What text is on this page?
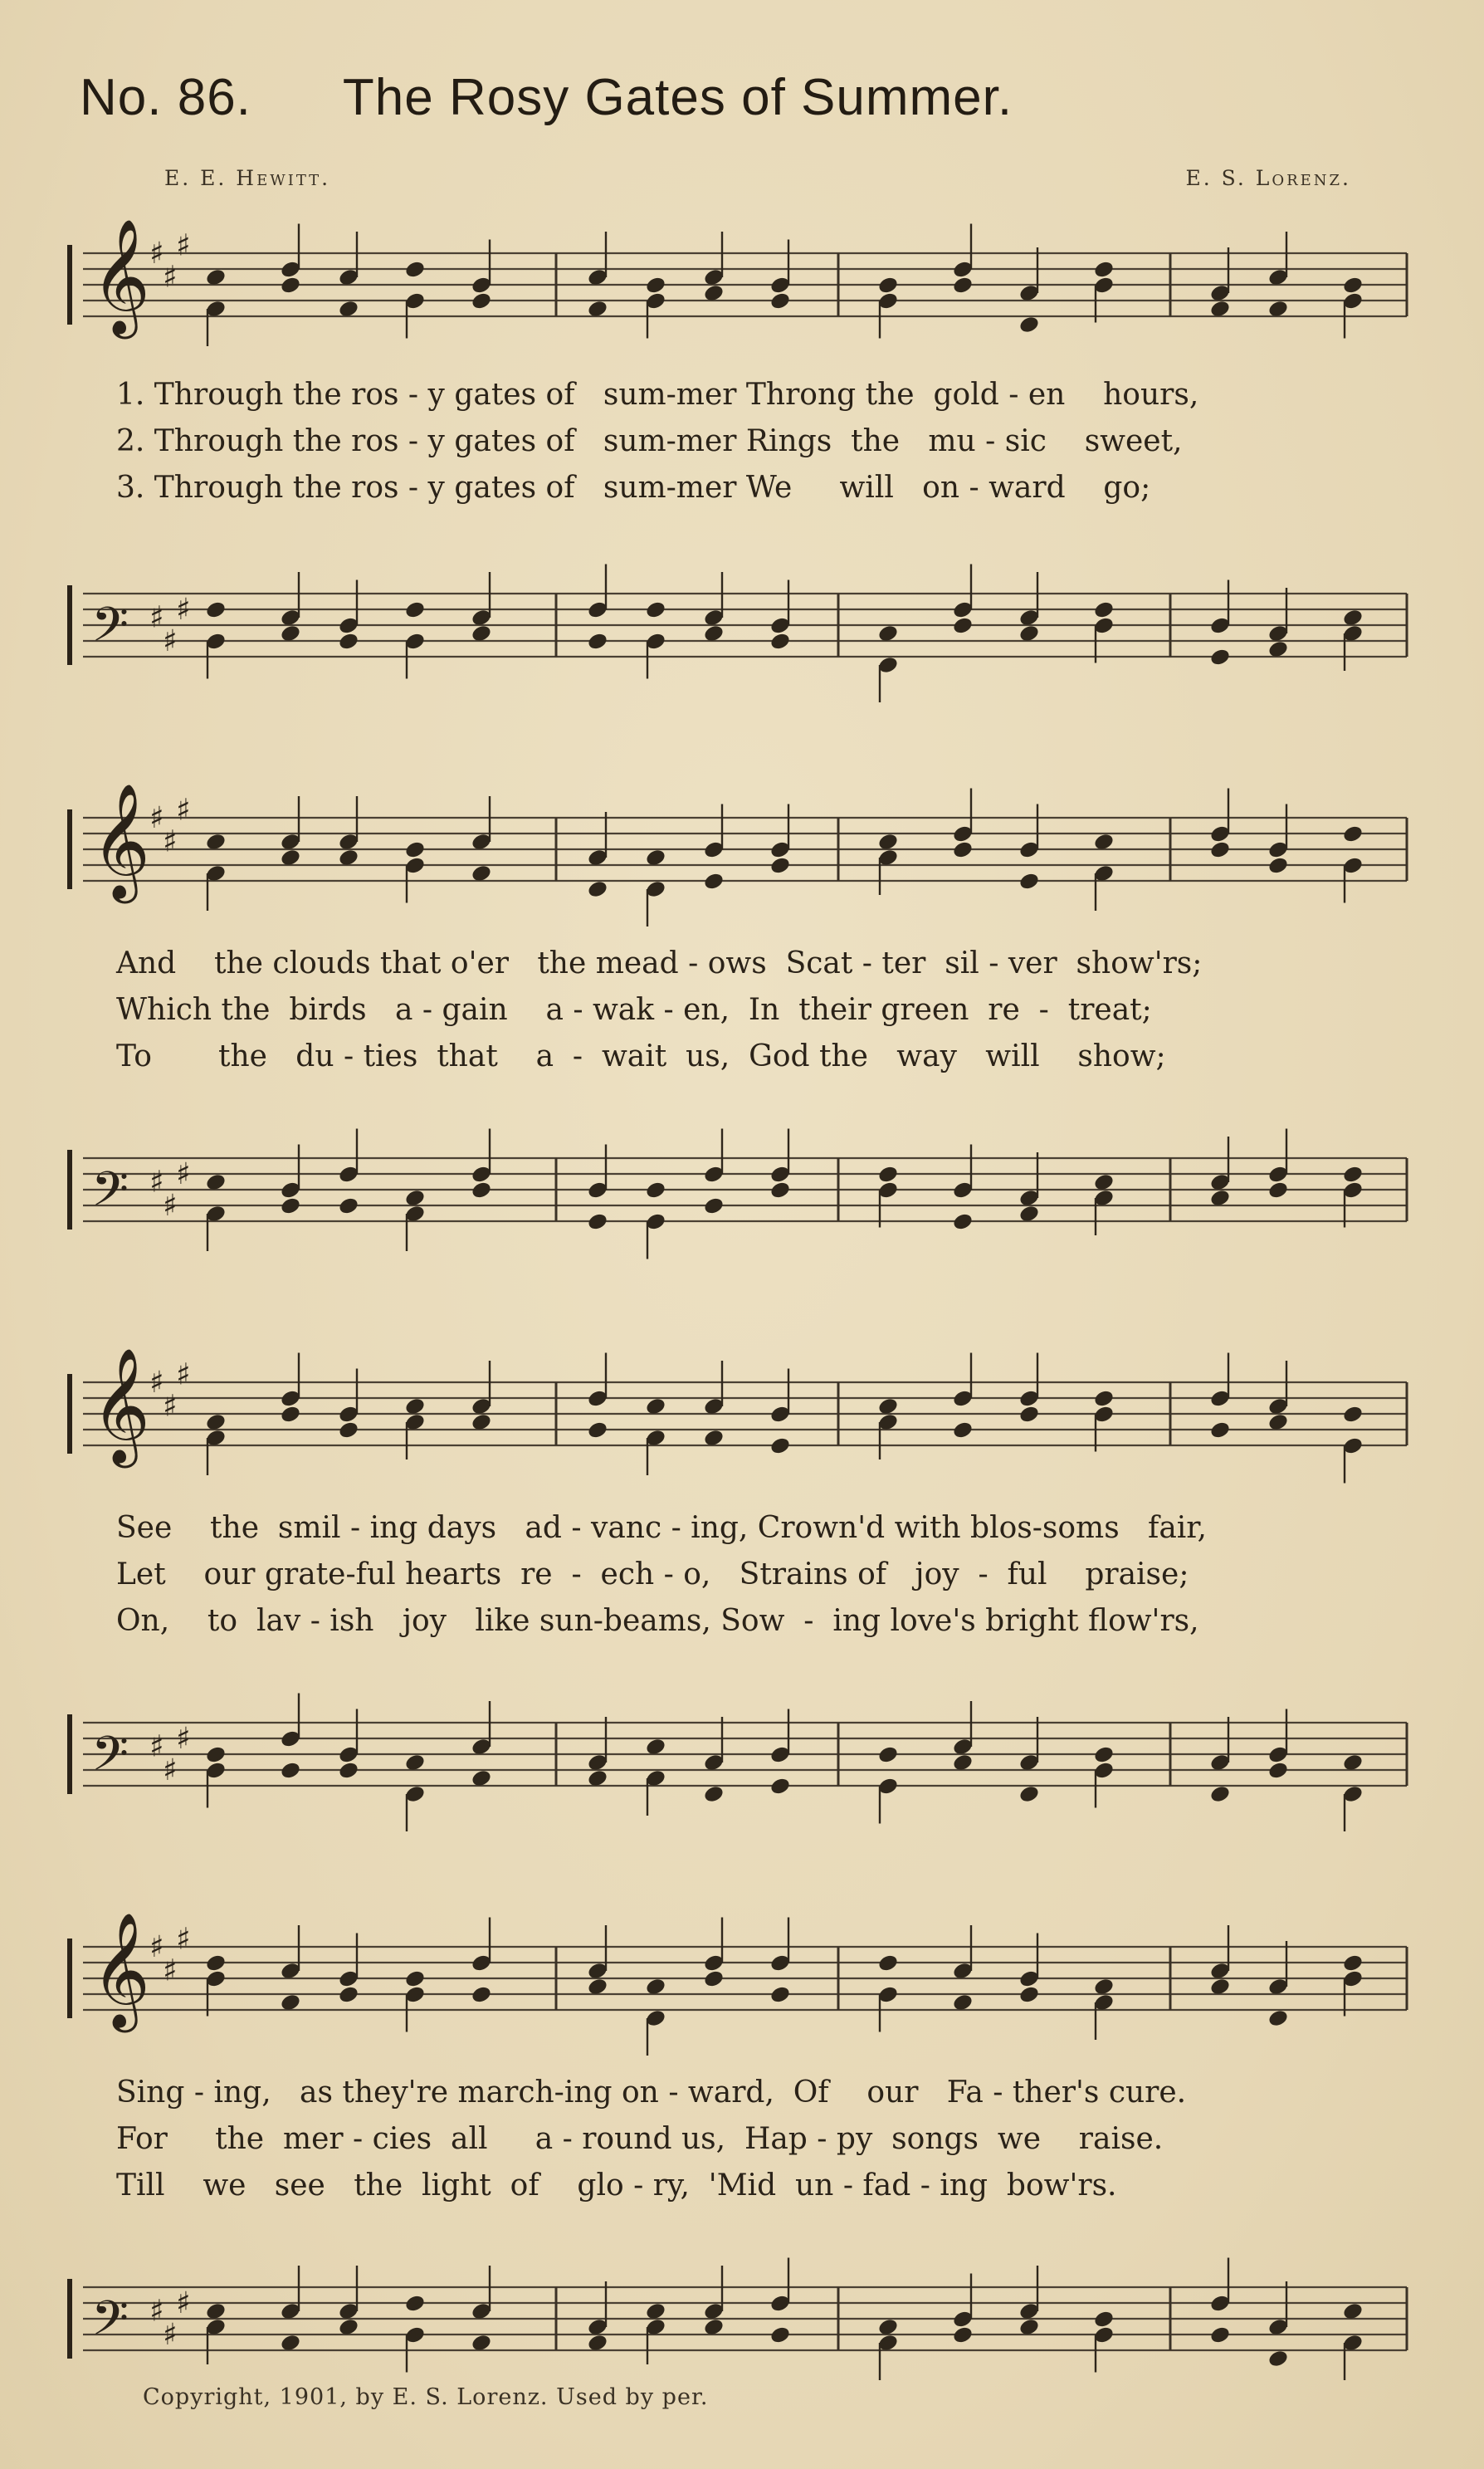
No. 86. The Rosy Gates of Summer.
E. E. Hewitt.	E. S. Lorenz.
𝄞 ♯
♯
♯
1. Through the ros - y gates of   sum-mer Throng the  gold - en    hours,
2. Through the ros - y gates of   sum-mer Rings  the   mu - sic    sweet,
3. Through the ros - y gates of   sum-mer We     will   on - ward    go;
𝄢 ♯
♯
♯
𝄞 ♯
♯
♯
And    the clouds that o'er   the mead - ows  Scat - ter  sil - ver  show'rs;
Which the  birds   a - gain    a - wak - en,  In  their green  re  -  treat;
To       the   du - ties  that    a  -  wait  us,  God the   way   will    show;
𝄢 ♯
♯
♯
𝄞 ♯
♯
♯
See    the  smil - ing days   ad - vanc - ing, Crown'd with blos-soms   fair,
Let    our grate-ful hearts  re  -  ech - o,   Strains of   joy  -  ful    praise;
On,    to  lav - ish   joy   like sun-beams, Sow  -  ing love's bright flow'rs,
𝄢 ♯
♯
♯
𝄞 ♯
♯
♯
Sing - ing,   as they're march-ing on - ward,  Of    our   Fa - ther's cure.
For     the  mer - cies  all     a - round us,  Hap - py  songs  we    raise.
Till    we   see   the  light  of    glo - ry,  'Mid  un - fad - ing  bow'rs.
𝄢 ♯
♯
♯
Copyright, 1901, by E. S. Lorenz. Used by per.
